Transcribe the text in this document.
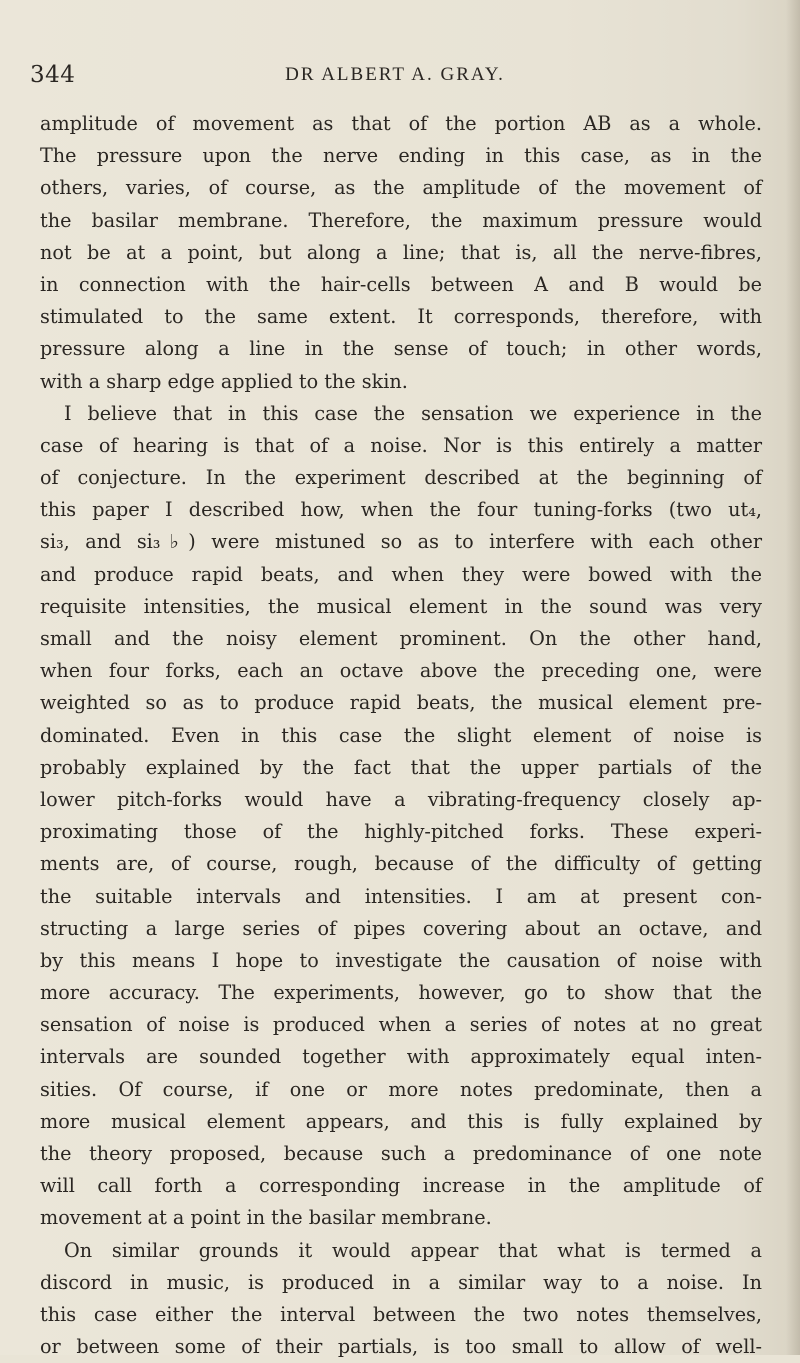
344	DR ALBERT A. GRAY.
amplitude of movement as that of the portion AB as a whole.
The pressure upon the nerve ending in this case, as in the
others, varies, of course, as the amplitude of the movement of
the basilar membrane. Therefore, the maximum pressure would
not be at a point, but along a line; that is, all the nerve-fibres,
in connection with the hair-cells between A and B would be
stimulated to the same extent. It corresponds, therefore, with
pressure along a line in the sense of touch; in other words,
with a sharp edge applied to the skin.
I believe that in this case the sensation we experience in the
case of hearing is that of a noise. Nor is this entirely a matter
of conjecture. In the experiment described at the beginning of
this paper I described how, when the four tuning-forks (two ut₄,
si₃, and si₃♭) were mistuned so as to interfere with each other
and produce rapid beats, and when they were bowed with the
requisite intensities, the musical element in the sound was very
small and the noisy element prominent. On the other hand,
when four forks, each an octave above the preceding one, were
weighted so as to produce rapid beats, the musical element pre-
dominated. Even in this case the slight element of noise is
probably explained by the fact that the upper partials of the
lower pitch-forks would have a vibrating-frequency closely ap-
proximating those of the highly-pitched forks. These experi-
ments are, of course, rough, because of the difficulty of getting
the suitable intervals and intensities. I am at present con-
structing a large series of pipes covering about an octave, and
by this means I hope to investigate the causation of noise with
more accuracy. The experiments, however, go to show that the
sensation of noise is produced when a series of notes at no great
intervals are sounded together with approximately equal inten-
sities. Of course, if one or more notes predominate, then a
more musical element appears, and this is fully explained by
the theory proposed, because such a predominance of one note
will call forth a corresponding increase in the amplitude of
movement at a point in the basilar membrane.
On similar grounds it would appear that what is termed a
discord in music, is produced in a similar way to a noise. In
this case either the interval between the two notes themselves,
or between some of their partials, is too small to allow of well-
